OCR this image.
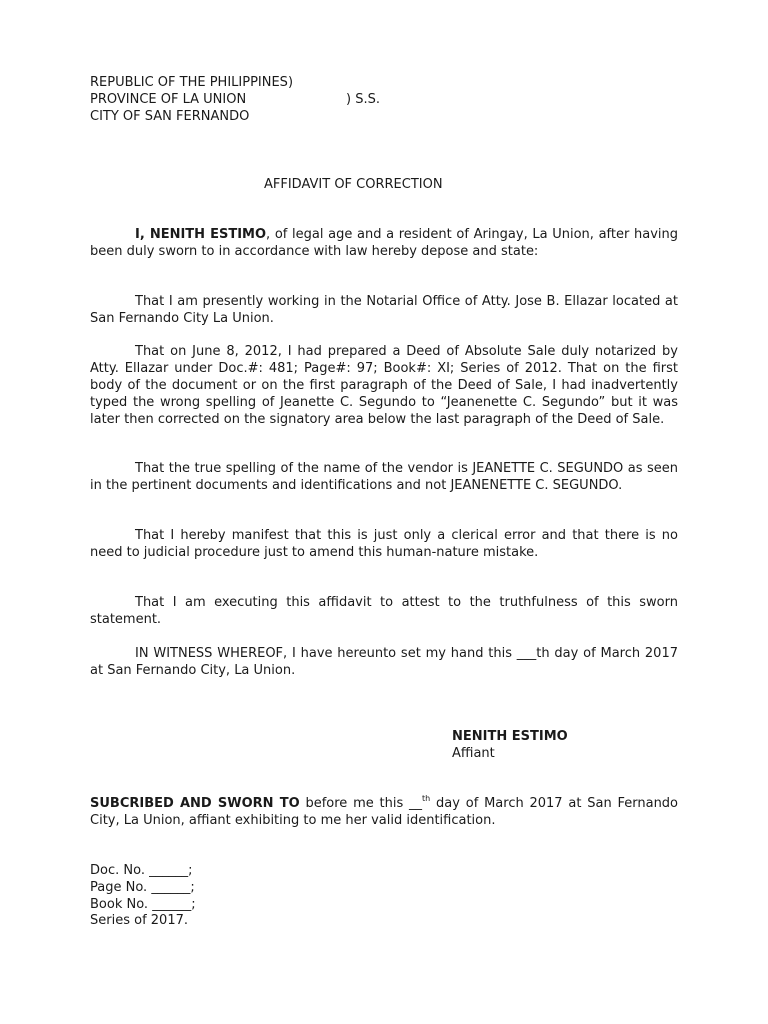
REPUBLIC OF THE PHILIPPINES)
PROVINCE OF LA UNION	) S.S.
CITY OF SAN FERNANDO
AFFIDAVIT OF CORRECTION

I, NENITH ESTIMO, of legal age and a resident of Aringay, La Union, after having been duly sworn to in accordance with law hereby depose and state:

That I am presently working in the Notarial Office of Atty. Jose B. Ellazar located at San Fernando City La Union.

That on June 8, 2012, I had prepared a Deed of Absolute Sale duly notarized by Atty. Ellazar under Doc.#: 481; Page#: 97; Book#: XI; Series of 2012. That on the first body of the document or on the first paragraph of the Deed of Sale, I had inadvertently typed the wrong spelling of Jeanette C. Segundo to “Jeanenette C. Segundo” but it was later then corrected on the signatory area below the last paragraph of the Deed of Sale.

That the true spelling of the name of the vendor is JEANETTE C. SEGUNDO as seen in the pertinent documents and identifications and not JEANENETTE C. SEGUNDO.

That I hereby manifest that this is just only a clerical error and that there is no need to judicial procedure just to amend this human-nature mistake.

That I am executing this affidavit to attest to the truthfulness of this sworn statement.

IN WITNESS WHEREOF, I have hereunto set my hand this ___th day of March 2017 at San Fernando City, La Union.

NENITH ESTIMO
Affiant

SUBCRIBED AND SWORN TO before me this __$^{th}$ day of March 2017 at San Fernando City, La Union, affiant exhibiting to me her valid identification.

Doc. No. ______;
Page No. ______;
Book No. ______;
Series of 2017.
